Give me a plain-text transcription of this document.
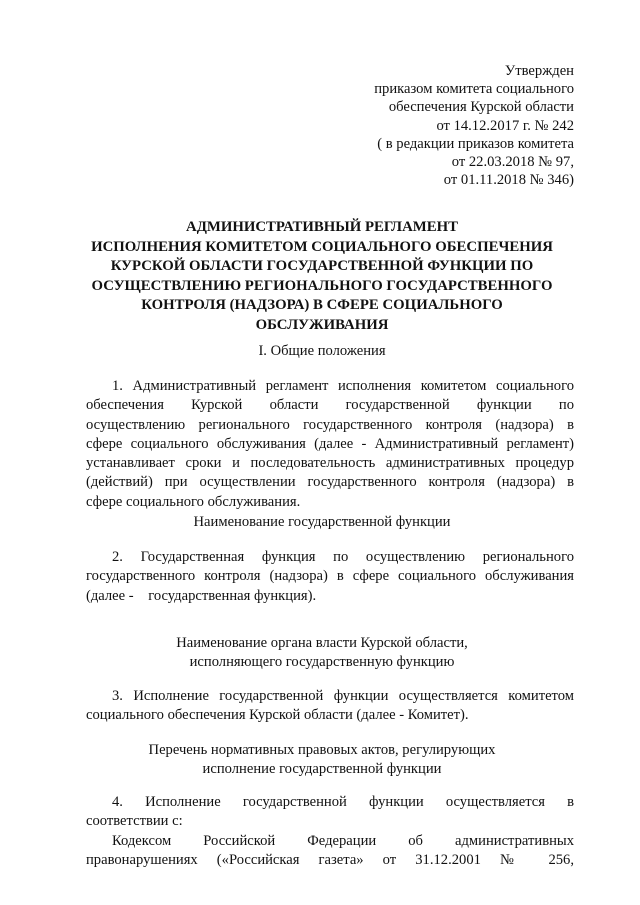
Утвержден
приказом комитета социального
обеспечения Курской области
от 14.12.2017 г. № 242
( в редакции приказов комитета
от 22.03.2018 № 97,
от 01.11.2018 № 346)
АДМИНИСТРАТИВНЫЙ РЕГЛАМЕНТ
ИСПОЛНЕНИЯ КОМИТЕТОМ СОЦИАЛЬНОГО ОБЕСПЕЧЕНИЯ
КУРСКОЙ ОБЛАСТИ ГОСУДАРСТВЕННОЙ ФУНКЦИИ ПО
ОСУЩЕСТВЛЕНИЮ РЕГИОНАЛЬНОГО ГОСУДАРСТВЕННОГО
КОНТРОЛЯ (НАДЗОРА) В СФЕРЕ СОЦИАЛЬНОГО
ОБСЛУЖИВАНИЯ
I. Общие положения
1. Административный регламент исполнения комитетом социального
обеспечения Курской области государственной функции по
осуществлению регионального государственного контроля (надзора) в
сфере социального обслуживания (далее - Административный регламент)
устанавливает сроки и последовательность административных процедур
(действий) при осуществлении государственного контроля (надзора) в
сфере социального обслуживания.
Наименование государственной функции
2. Государственная функция по осуществлению регионального
государственного контроля (надзора) в сфере социального обслуживания
(далее -    государственная функция).
Наименование органа власти Курской области,
исполняющего государственную функцию
3. Исполнение государственной функции осуществляется комитетом
социального обеспечения Курской области (далее - Комитет).
Перечень нормативных правовых актов, регулирующих
исполнение государственной функции
4. Исполнение государственной функции осуществляется в
соответствии с:
Кодексом Российской Федерации об административных
правонарушениях («Российская газета» от 31.12.2001 № 256,
